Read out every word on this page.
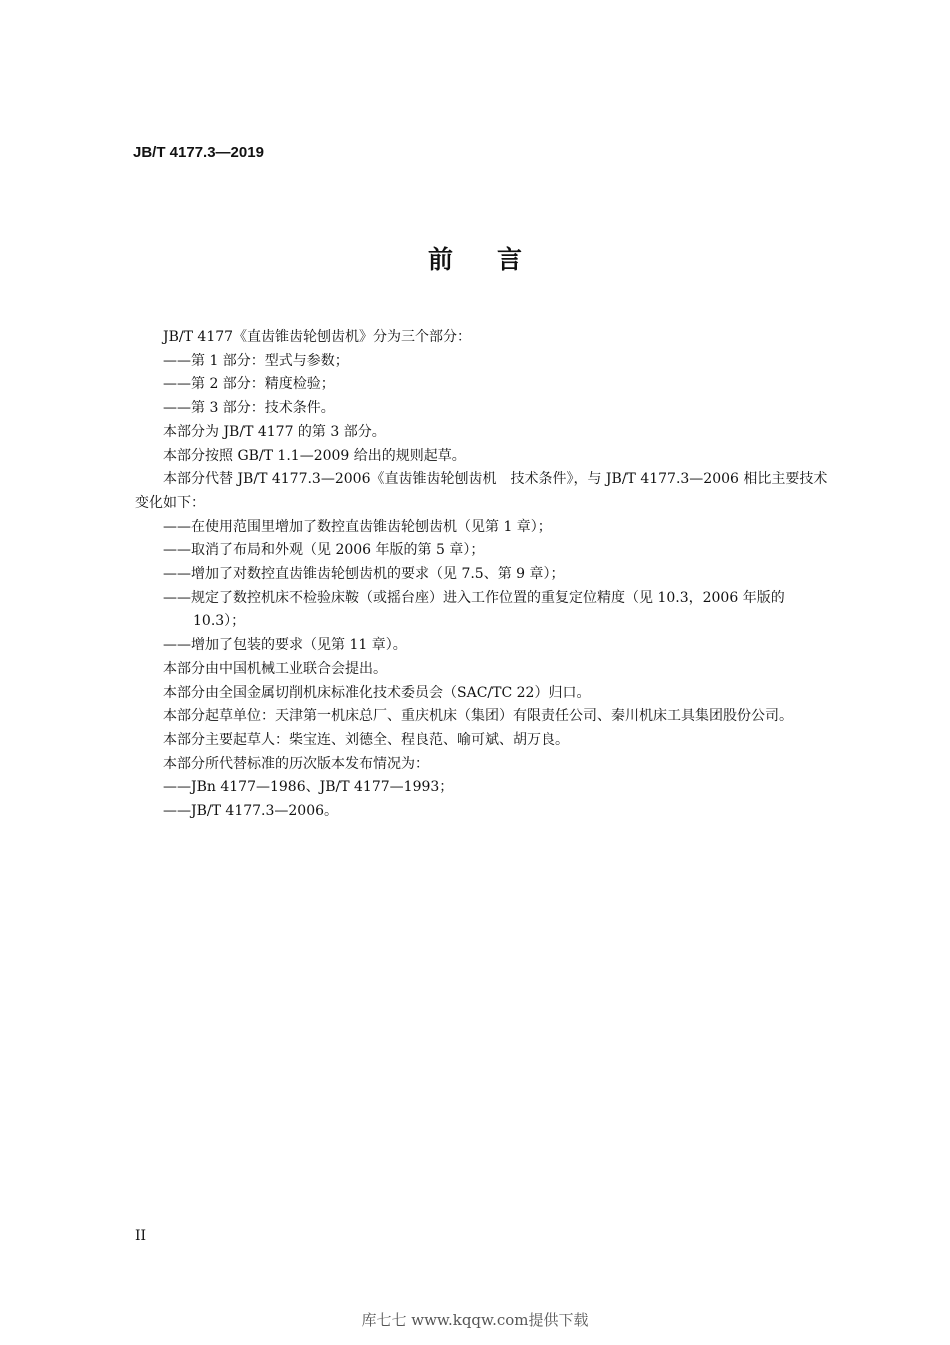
JB/T 4177.3—2019
前言

JB/T 4177《直齿锥齿轮刨齿机》分为三个部分：

——第 1 部分：型式与参数；

——第 2 部分：精度检验；

——第 3 部分：技术条件。

本部分为 JB/T 4177 的第 3 部分。

本部分按照 GB/T 1.1—2009 给出的规则起草。

本部分代替 JB/T 4177.3—2006《直齿锥齿轮刨齿机　技术条件》，与 JB/T 4177.3—2006 相比主要技术变化如下：

——在使用范围里增加了数控直齿锥齿轮刨齿机（见第 1 章）；

——取消了布局和外观（见 2006 年版的第 5 章）；

——增加了对数控直齿锥齿轮刨齿机的要求（见 7.5、第 9 章）；

——规定了数控机床不检验床鞍（或摇台座）进入工作位置的重复定位精度（见 10.3，2006 年版的 10.3）；

——增加了包装的要求（见第 11 章）。

本部分由中国机械工业联合会提出。

本部分由全国金属切削机床标准化技术委员会（SAC/TC 22）归口。

本部分起草单位：天津第一机床总厂、重庆机床（集团）有限责任公司、秦川机床工具集团股份公司。

本部分主要起草人：柴宝连、刘德全、程良范、喻可斌、胡万良。

本部分所代替标准的历次版本发布情况为：

——JBn 4177—1986、JB/T 4177—1993；

——JB/T 4177.3—2006。

II
库七七 www.kqqw.com提供下载
